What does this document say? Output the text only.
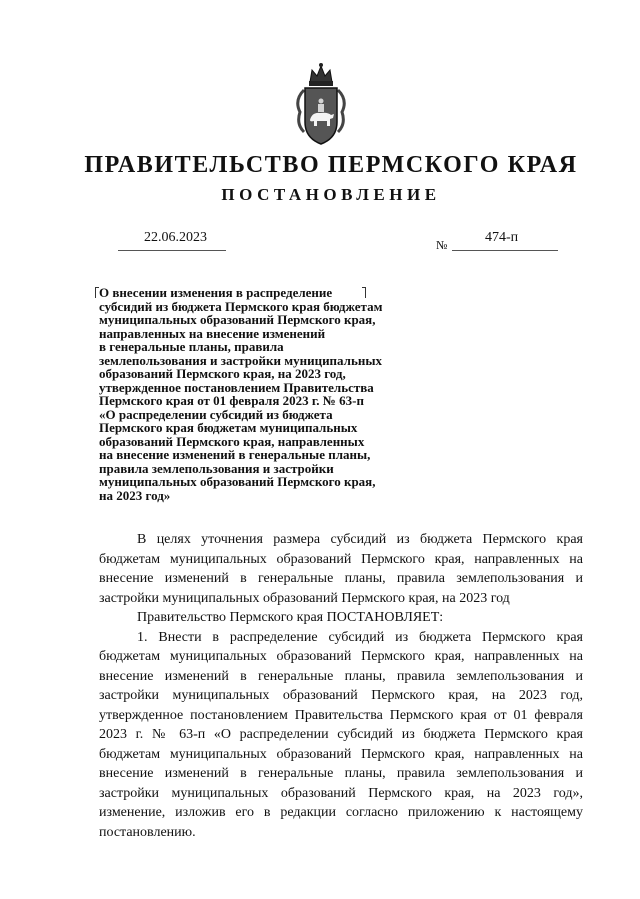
ПРАВИТЕЛЬСТВО ПЕРМСКОГО КРАЯ
ПОСТАНОВЛЕНИЕ
22.06.2023	№	474-п
О внесении изменения в распределение
субсидий из бюджета Пермского края бюджетам
муниципальных образований Пермского края,
направленных на внесение изменений
в генеральные планы, правила
землепользования и застройки муниципальных
образований Пермского края, на 2023 год,
утвержденное постановлением Правительства
Пермского края от 01 февраля 2023 г. № 63-п
«О распределении субсидий из бюджета
Пермского края бюджетам муниципальных
образований Пермского края, направленных
на внесение изменений в генеральные планы,
правила землепользования и застройки
муниципальных образований Пермского края,
на 2023 год»

В целях уточнения размера субсидий из бюджета Пермского края бюджетам муниципальных образований Пермского края, направленных на внесение изменений в генеральные планы, правила землепользования и застройки муниципальных образований Пермского края, на 2023 год

Правительство Пермского края ПОСТАНОВЛЯЕТ:

1. Внести в распределение субсидий из бюджета Пермского края бюджетам муниципальных образований Пермского края, направленных на внесение изменений в генеральные планы, правила землепользования и застройки муниципальных образований Пермского края, на 2023 год, утвержденное постановлением Правительства Пермского края от 01 февраля 2023 г. № 63-п «О распределении субсидий из бюджета Пермского края бюджетам муниципальных образований Пермского края, направленных на внесение изменений в генеральные планы, правила землепользования и застройки муниципальных образований Пермского края, на 2023 год», изменение, изложив его в редакции согласно приложению к настоящему постановлению.
